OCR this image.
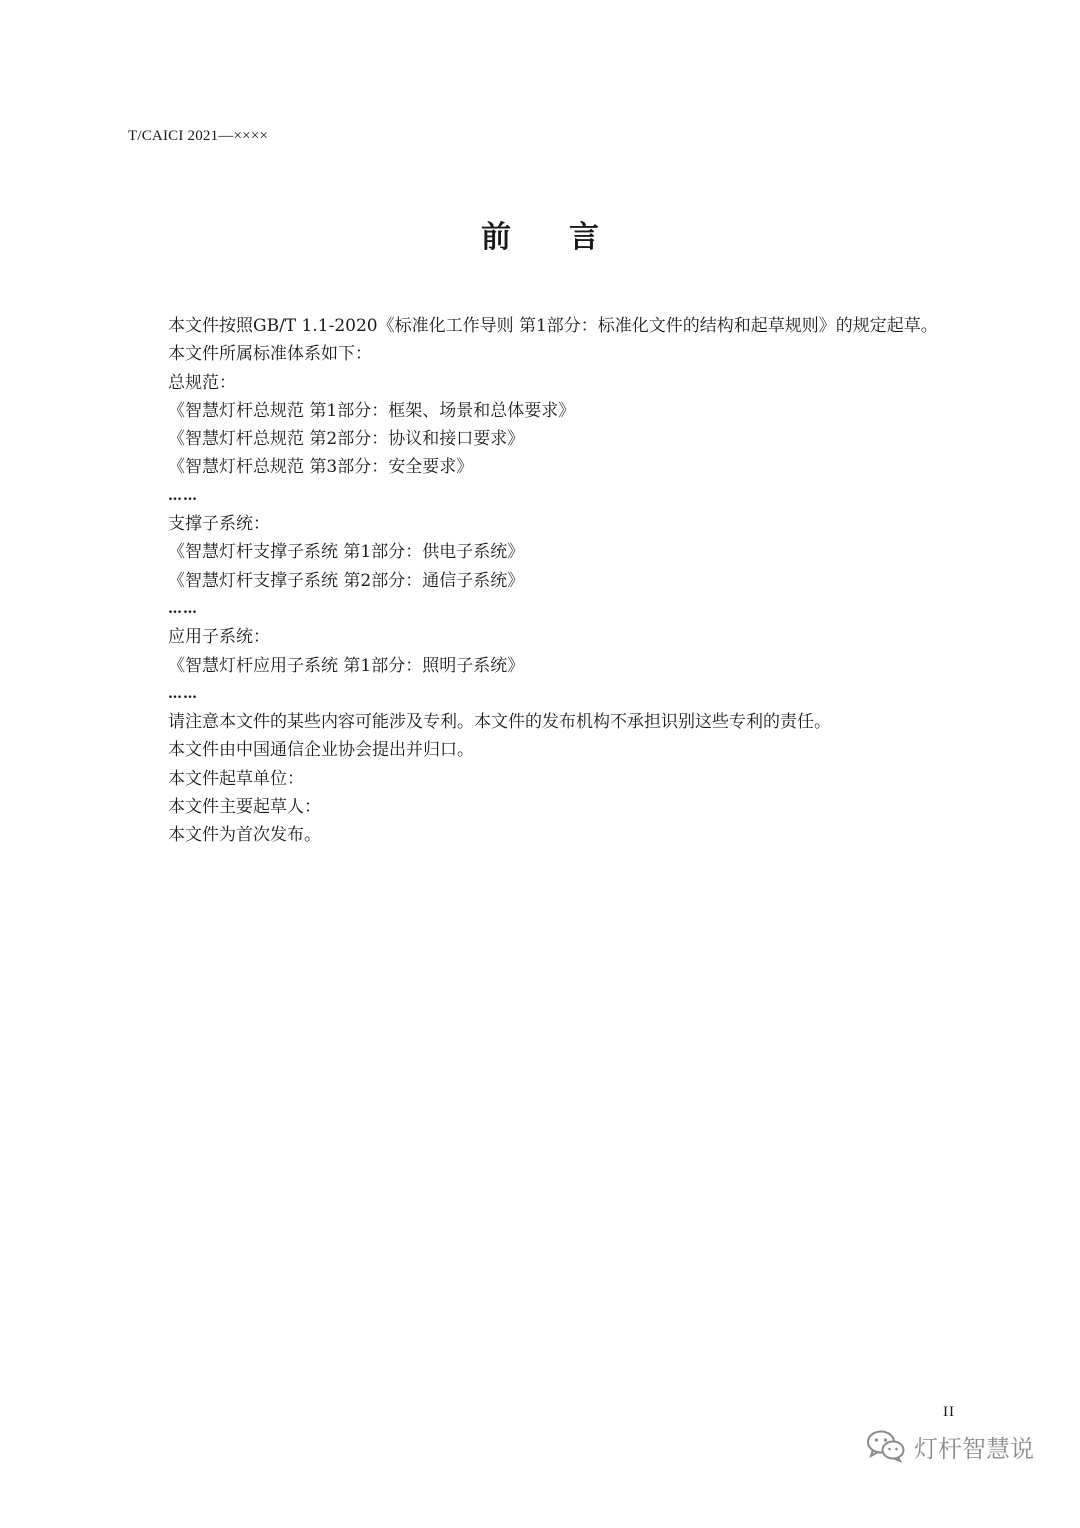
T/CAICI 2021—××××
前 言

本文件按照GB/T 1.1-2020《标准化工作导则 第1部分：标准化文件的结构和起草规则》的规定起草。

本文件所属标准体系如下：

总规范：

《智慧灯杆总规范 第1部分：框架、场景和总体要求》

《智慧灯杆总规范 第2部分：协议和接口要求》

《智慧灯杆总规范 第3部分：安全要求》

……

支撑子系统：

《智慧灯杆支撑子系统 第1部分：供电子系统》

《智慧灯杆支撑子系统 第2部分：通信子系统》

……

应用子系统：

《智慧灯杆应用子系统 第1部分：照明子系统》

……

请注意本文件的某些内容可能涉及专利。本文件的发布机构不承担识别这些专利的责任。

本文件由中国通信企业协会提出并归口。

本文件起草单位：

本文件主要起草人：

本文件为首次发布。

II
灯杆智慧说
